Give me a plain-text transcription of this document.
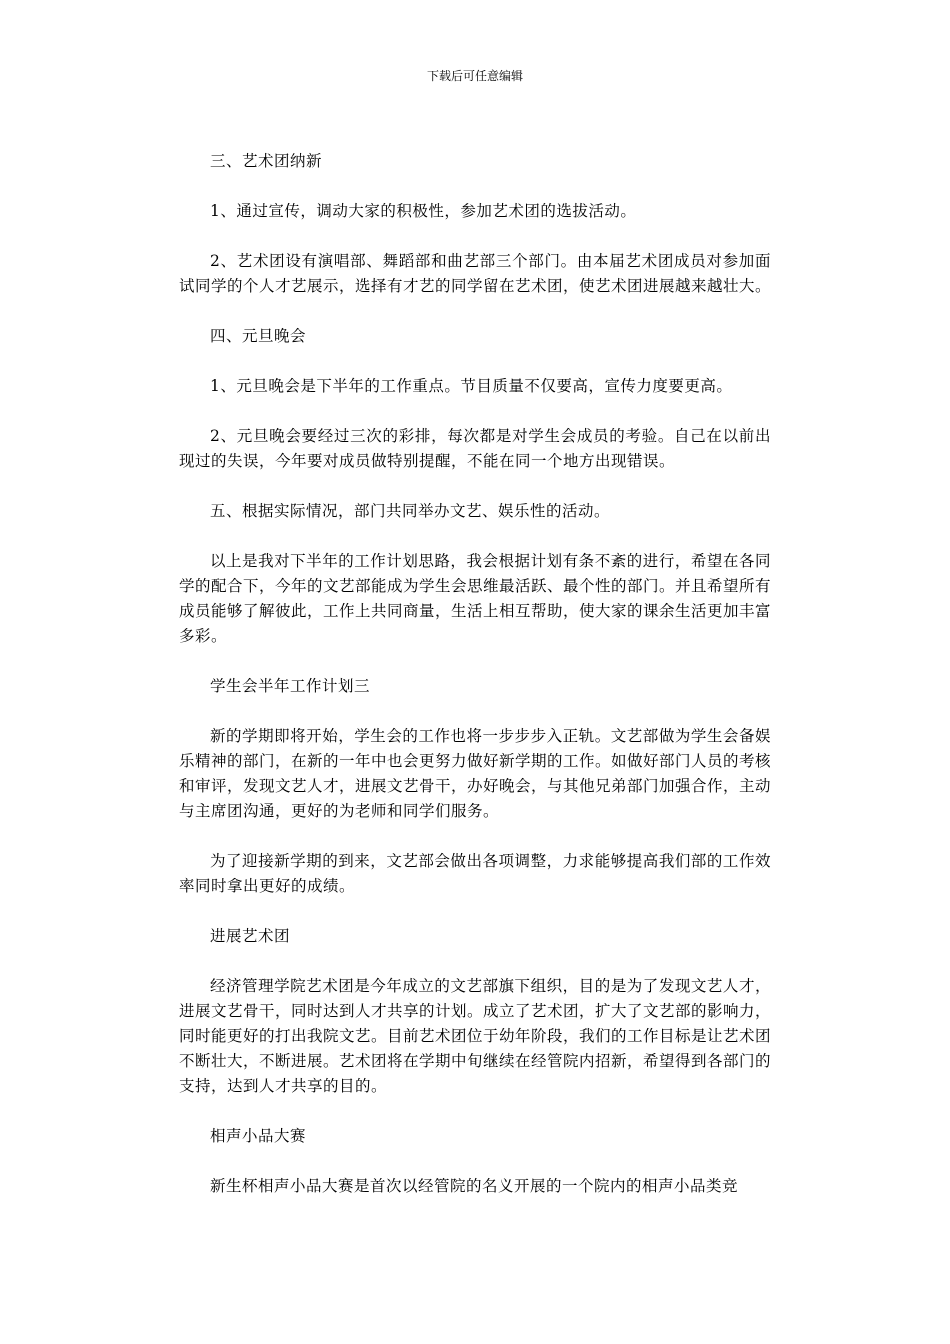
下载后可任意编辑

三、艺术团纳新

1、通过宣传，调动大家的积极性，参加艺术团的选拔活动。

2、艺术团设有演唱部、舞蹈部和曲艺部三个部门。由本届艺术团成员对参加面试同学的个人才艺展示，选择有才艺的同学留在艺术团，使艺术团进展越来越壮大。

四、元旦晚会

1、元旦晚会是下半年的工作重点。节目质量不仅要高，宣传力度要更高。

2、元旦晚会要经过三次的彩排，每次都是对学生会成员的考验。自己在以前出现过的失误，今年要对成员做特别提醒，不能在同一个地方出现错误。

五、根据实际情况，部门共同举办文艺、娱乐性的活动。

以上是我对下半年的工作计划思路，我会根据计划有条不紊的进行，希望在各同学的配合下，今年的文艺部能成为学生会思维最活跃、最个性的部门。并且希望所有成员能够了解彼此，工作上共同商量，生活上相互帮助，使大家的课余生活更加丰富多彩。

学生会半年工作计划三

新的学期即将开始，学生会的工作也将一步步步入正轨。文艺部做为学生会备娱乐精神的部门，在新的一年中也会更努力做好新学期的工作。如做好部门人员的考核和审评，发现文艺人才，进展文艺骨干，办好晚会，与其他兄弟部门加强合作，主动与主席团沟通，更好的为老师和同学们服务。

为了迎接新学期的到来，文艺部会做出各项调整，力求能够提高我们部的工作效率同时拿出更好的成绩。

进展艺术团

经济管理学院艺术团是今年成立的文艺部旗下组织，目的是为了发现文艺人才，进展文艺骨干，同时达到人才共享的计划。成立了艺术团，扩大了文艺部的影响力，同时能更好的打出我院文艺。目前艺术团位于幼年阶段，我们的工作目标是让艺术团不断壮大，不断进展。艺术团将在学期中旬继续在经管院内招新，希望得到各部门的支持，达到人才共享的目的。

相声小品大赛

新生杯相声小品大赛是首次以经管院的名义开展的一个院内的相声小品类竞
